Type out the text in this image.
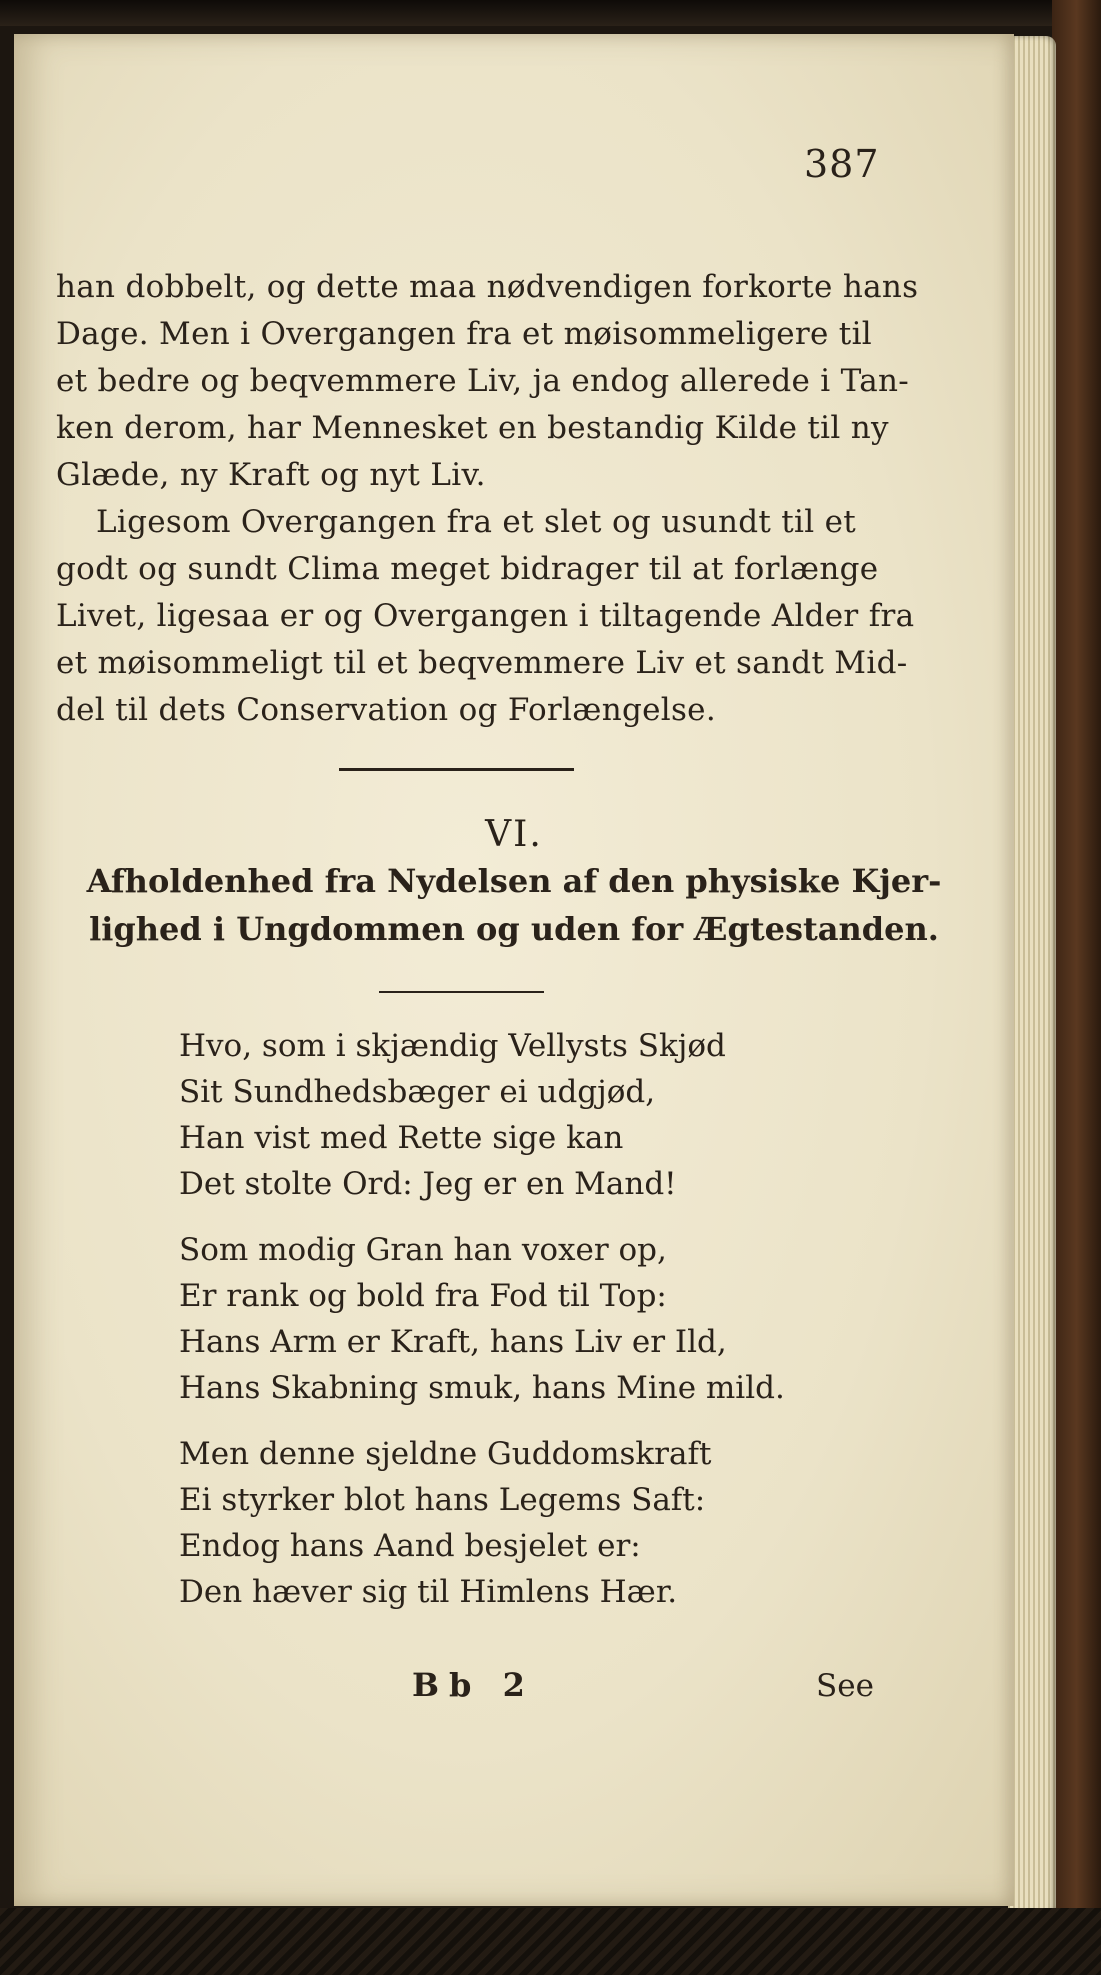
387
han dobbelt, og dette maa nødvendigen forkorte hans
Dage. Men i Overgangen fra et møisommeligere til
et bedre og beqvemmere Liv, ja endog allerede i Tan-
ken derom, har Mennesket en bestandig Kilde til ny
Glæde, ny Kraft og nyt Liv.
Ligesom Overgangen fra et slet og usundt til et
godt og sundt Clima meget bidrager til at forlænge
Livet, ligesaa er og Overgangen i tiltagende Alder fra
et møisommeligt til et beqvemmere Liv et sandt Mid-
del til dets Conservation og Forlængelse.
VI.
Afholdenhed fra Nydelsen af den physiske Kjer-
lighed i Ungdommen og uden for Ægtestanden.
Hvo, som i skjændig Vellysts Skjød
Sit Sundhedsbæger ei udgjød,
Han vist med Rette sige kan
Det stolte Ord: Jeg er en Mand!
Som modig Gran han voxer op,
Er rank og bold fra Fod til Top:
Hans Arm er Kraft, hans Liv er Ild,
Hans Skabning smuk, hans Mine mild.
Men denne sjeldne Guddomskraft
Ei styrker blot hans Legems Saft:
Endog hans Aand besjelet er:
Den hæver sig til Himlens Hær.
Bb 2	See
